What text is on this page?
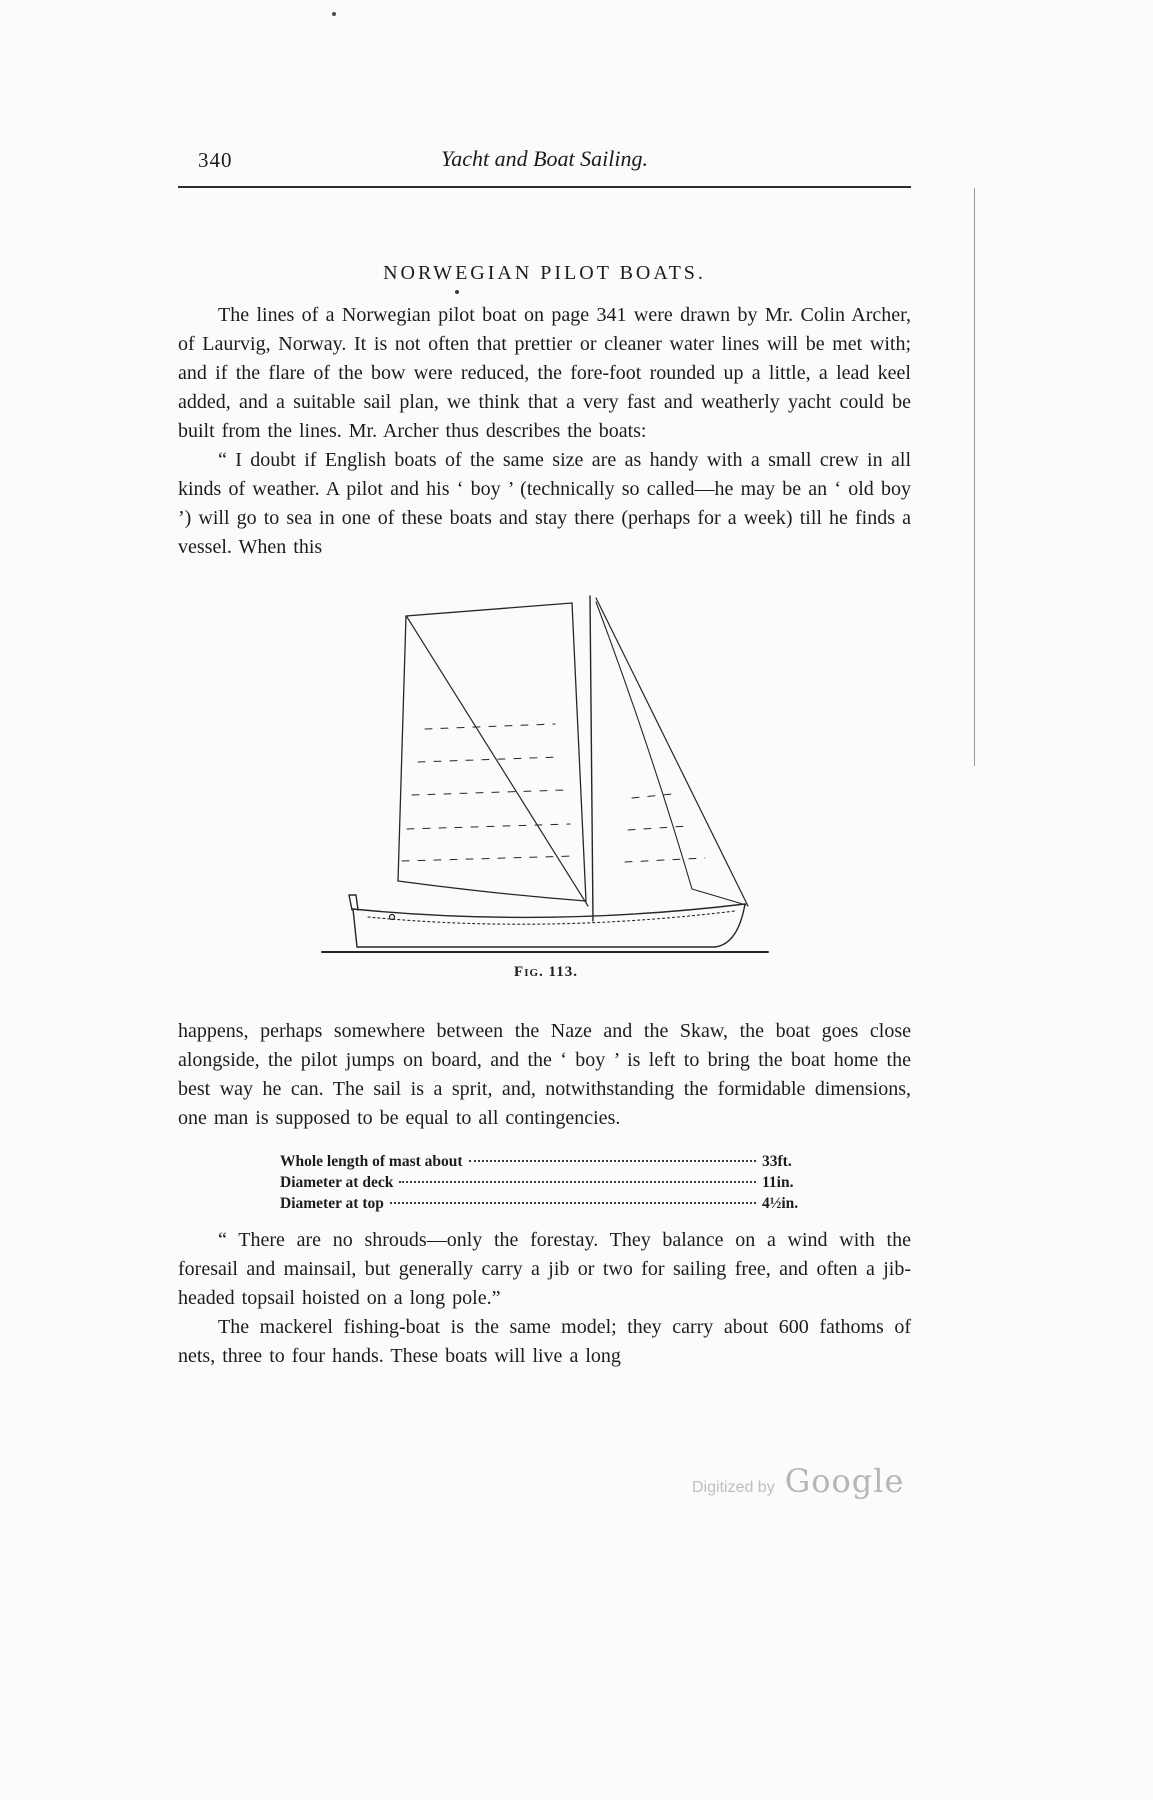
340	Yacht and Boat Sailing.
NORWEGIAN PILOT BOATS.

The lines of a Norwegian pilot boat on page 341 were drawn by Mr. Colin Archer, of Laurvig, Norway. It is not often that prettier or cleaner water lines will be met with; and if the flare of the bow were reduced, the fore-foot rounded up a little, a lead keel added, and a suitable sail plan, we think that a very fast and weatherly yacht could be built from the lines. Mr. Archer thus describes the boats:

“ I doubt if English boats of the same size are as handy with a small crew in all kinds of weather. A pilot and his ‘ boy ’ (technically so called—he may be an ‘ old boy ’) will go to sea in one of these boats and stay there (perhaps for a week) till he finds a vessel. When this

Fig. 113.

happens, perhaps somewhere between the Naze and the Skaw, the boat goes close alongside, the pilot jumps on board, and the ‘ boy ’ is left to bring the boat home the best way he can. The sail is a sprit, and, notwithstanding the formidable dimensions, one man is supposed to be equal to all contingencies.

Whole length of mast about	33ft.
Diameter at deck	11in.
Diameter at top	4½in.

“ There are no shrouds—only the forestay. They balance on a wind with the foresail and mainsail, but generally carry a jib or two for sailing free, and often a jib-headed topsail hoisted on a long pole.”

The mackerel fishing-boat is the same model; they carry about 600 fathoms of nets, three to four hands. These boats will live a long

Digitized by Google
